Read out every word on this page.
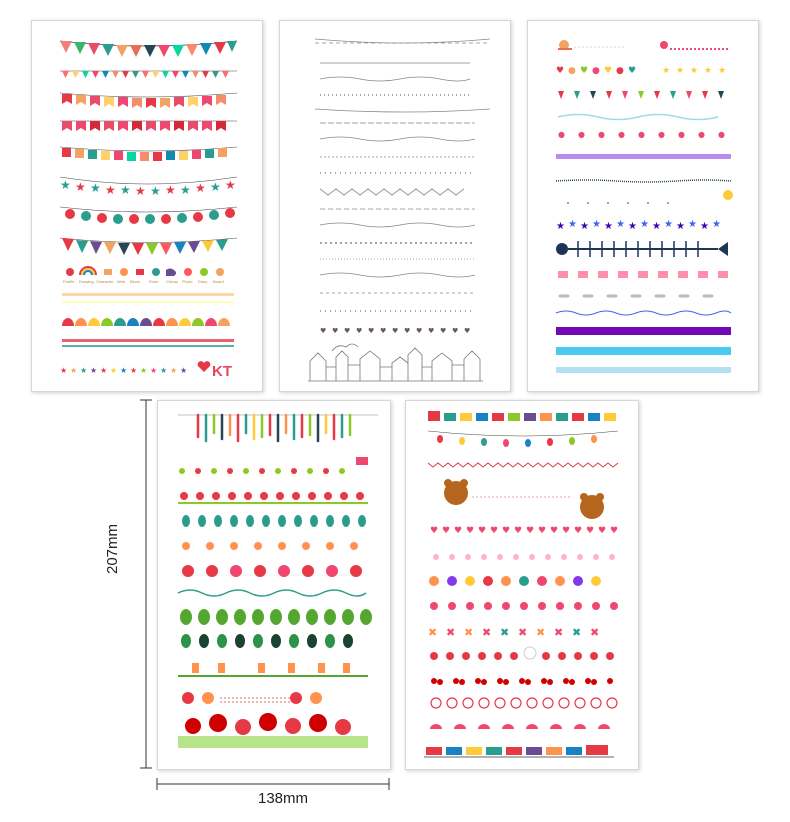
★ ★ ★ ★ ★ ★ ★ ★ ★ ★ ★ ★
Profile Drawing Character Web Block Ruler Cheap Photo Diary Board
★ ★ ★ ★ ★ ★ ★ ★ ★ ★ ★ ★ ★ KT
♥ ♥ ♥ ♥ ♥ ♥ ♥ ♥ ♥ ♥ ♥ ♥ ♥
♥ ● ♥ ● ♥ ● ♥	★ ★ ★ ★ ★
● ● ● ● ● ● ● ● ●
★ ★ ★ ★ ★ ★ ★ ★ ★ ★ ★ ★ ★ ★
♥ ♥ ♥ ♥ ♥ ♥ ♥ ♥ ♥ ♥ ♥ ♥ ♥ ♥ ♥ ♥
✖ ✖ ✖ ✖ ✖ ✖ ✖ ✖ ✖ ✖
138mm
207mm
